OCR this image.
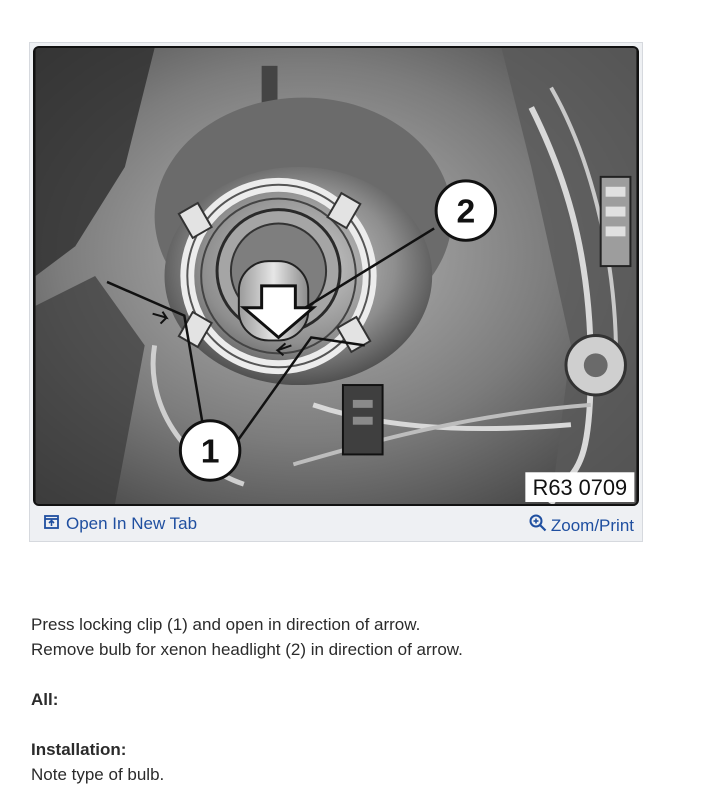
2
1
R63 0709
Open In New Tab	Zoom/Print

Press locking clip (1) and open in direction of arrow.

Remove bulb for xenon headlight (2) in direction of arrow.

All:

Installation:

Note type of bulb.
